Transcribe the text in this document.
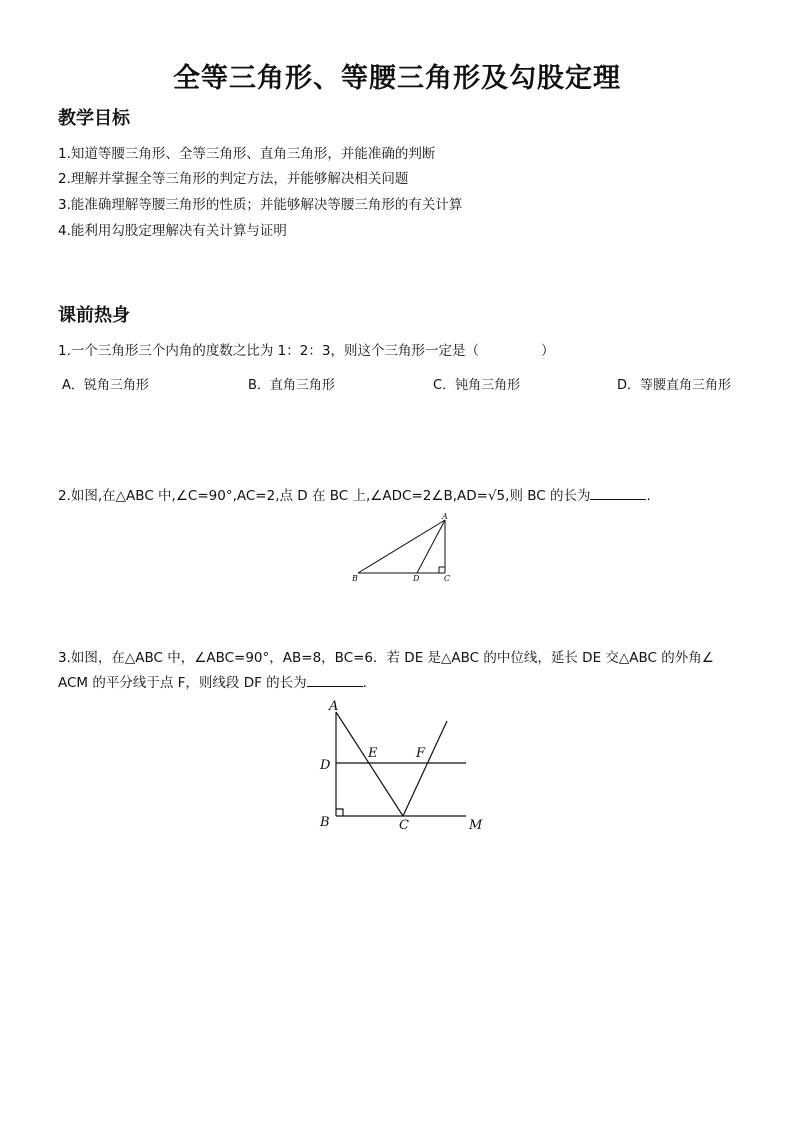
全等三角形、等腰三角形及勾股定理
教学目标
1.知道等腰三角形、全等三角形、直角三角形，并能准确的判断
2.理解并掌握全等三角形的判定方法，并能够解决相关问题
3.能准确理解等腰三角形的性质；并能够解决等腰三角形的有关计算
4.能利用勾股定理解决有关计算与证明
课前热身
1.一个三角形三个内角的度数之比为 1：2：3，则这个三角形一定是（	）
A．锐角三角形	B．直角三角形	C．钝角三角形	D．等腰直角三角形
2.如图,在△ABC 中,∠C=90°,AC=2,点 D 在 BC 上,∠ADC=2∠B,AD=√5,则 BC 的长为	.
A
B	C
D
3.如图，在△ABC 中，∠ABC=90°，AB=8，BC=6．若 DE 是△ABC 的中位线，延长 DE 交△ABC 的外角∠
ACM 的平分线于点 F，则线段 DF 的长为	.
A
D
E	F
B	C	M
